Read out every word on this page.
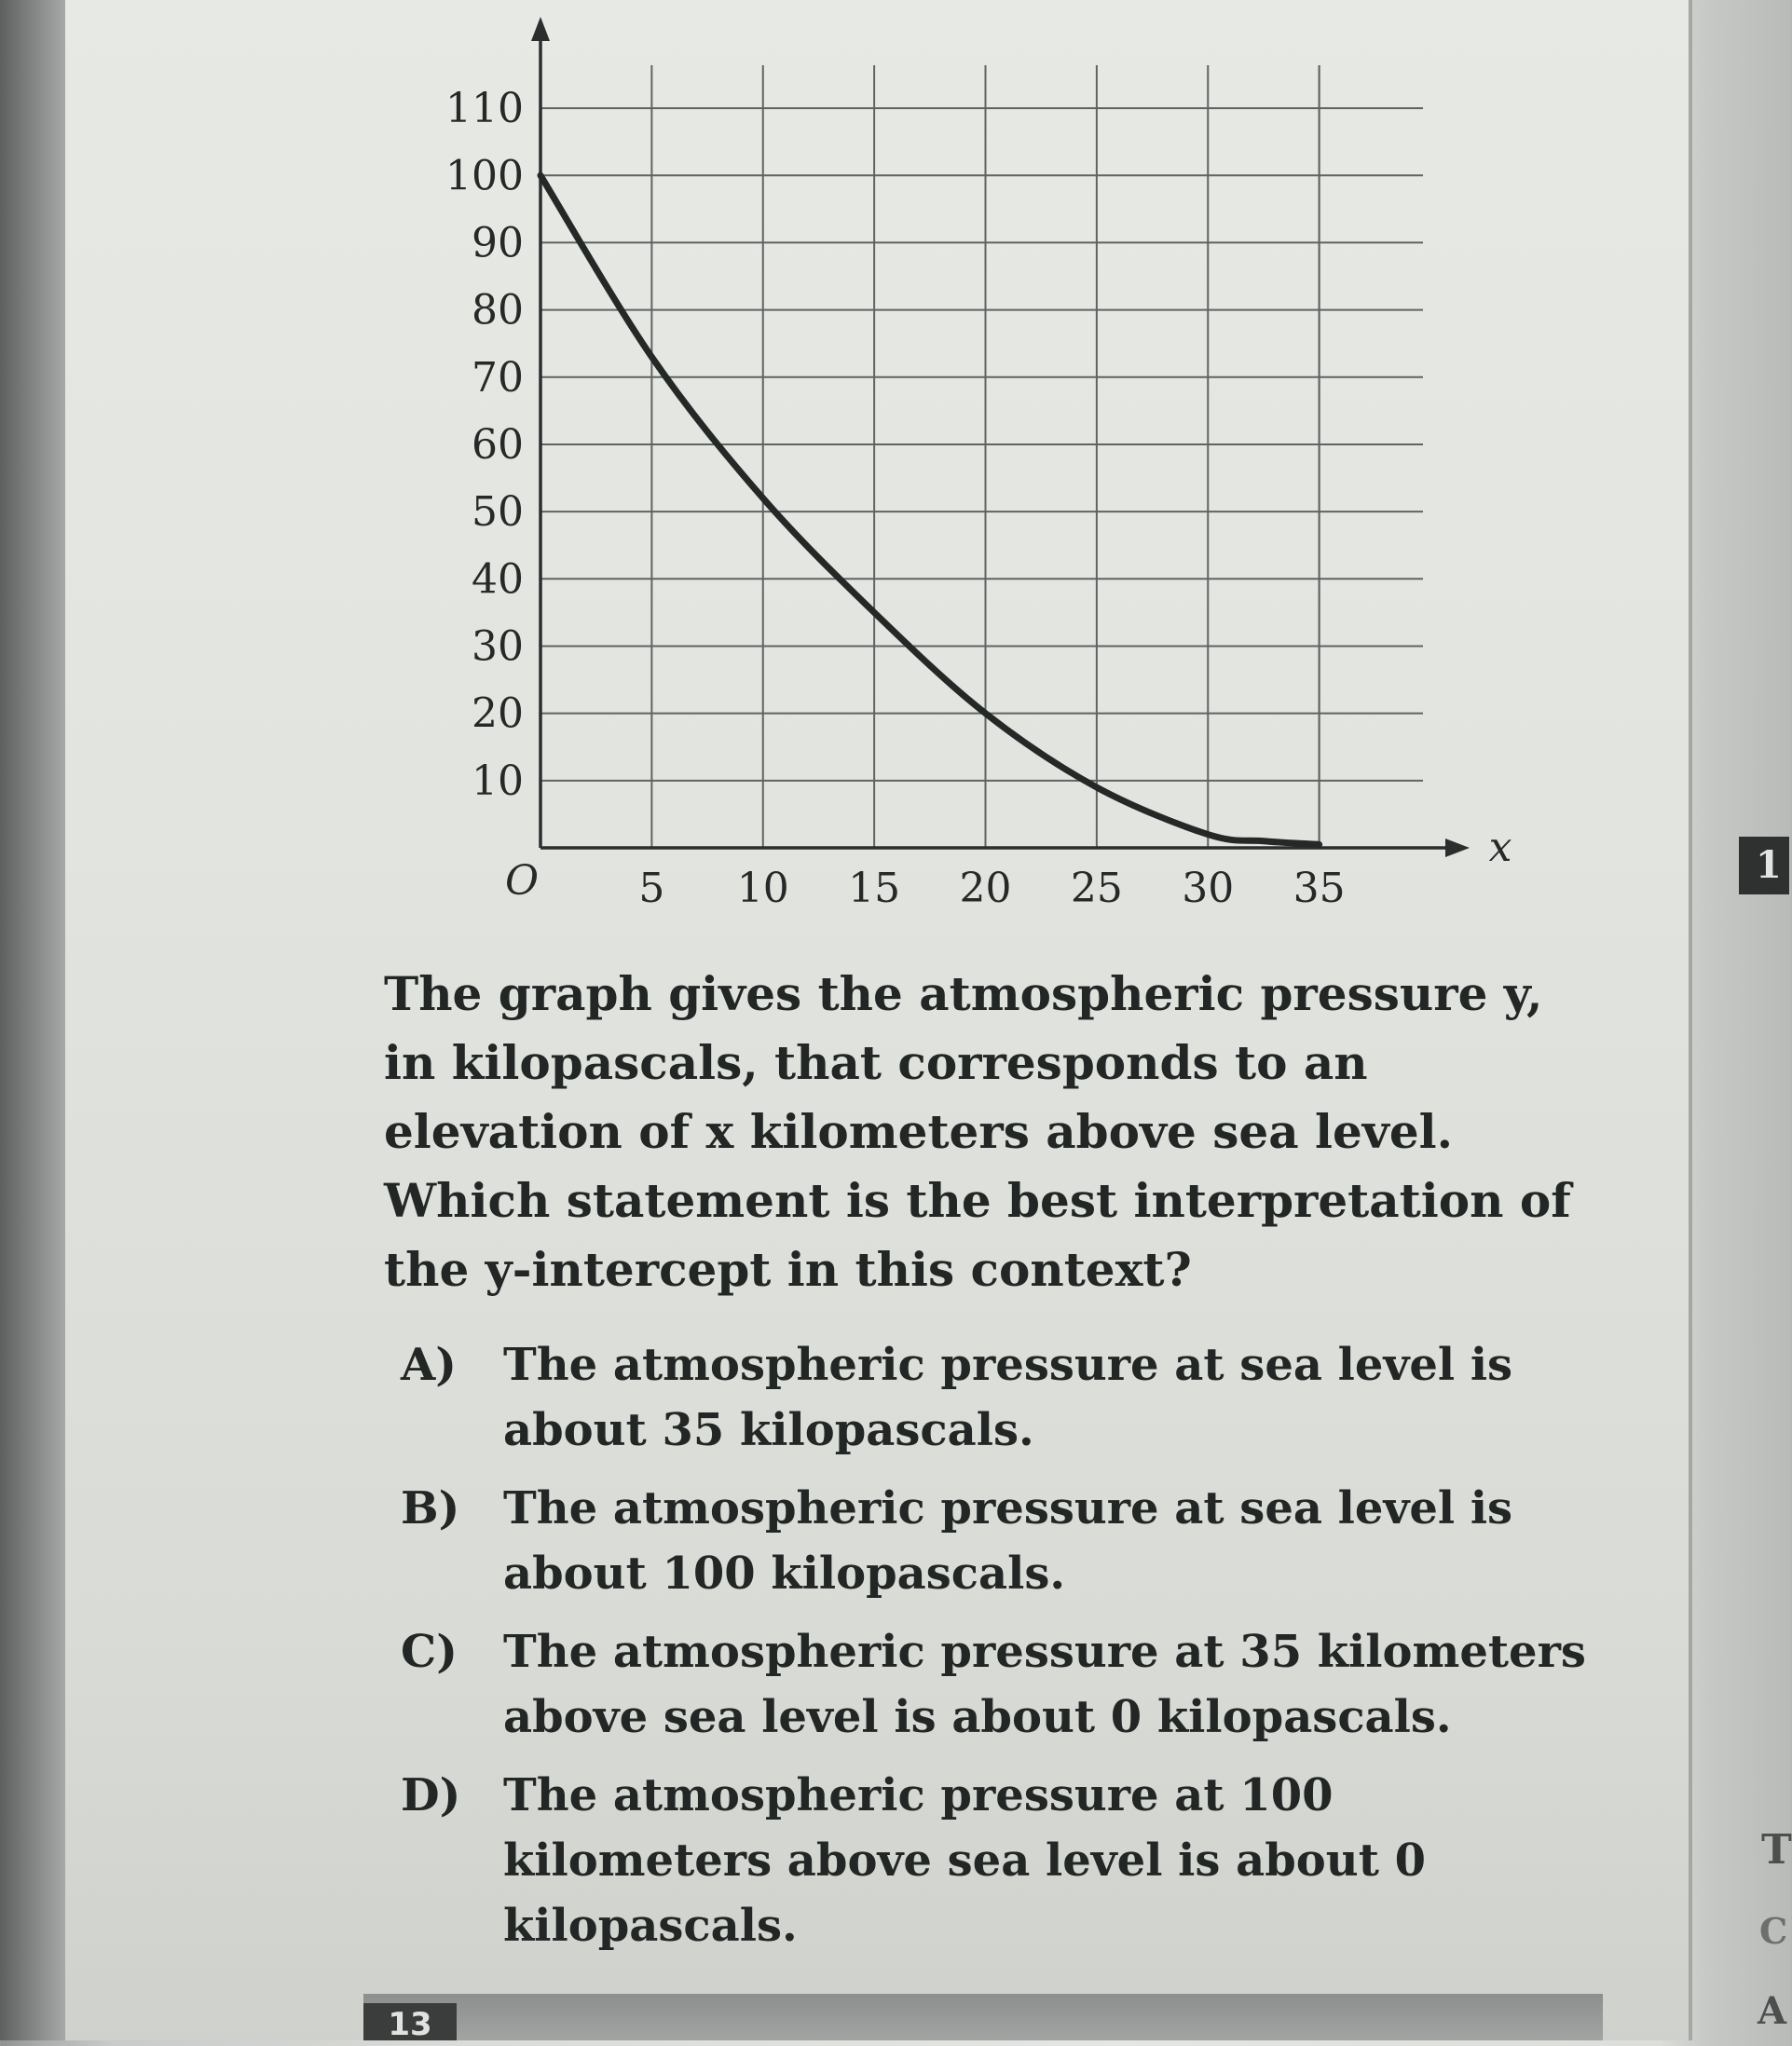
10
20
30
40
50
60
70
80
90
100
110
5 10 15 20 25 30 35
O
x

The graph gives the atmospheric pressure y, in kilopascals, that corresponds to an elevation of x kilometers above sea level. Which statement is the best interpretation of the y-intercept in this context?

A)	The atmospheric pressure at sea level is about 35 kilopascals.
B) The atmospheric pressure at sea level is about 100 kilopascals.
C)	The atmospheric pressure at 35 kilometers above sea level is about 0 kilopascals.
D) The atmospheric pressure at 100 kilometers above sea level is about 0 kilopascals.
13
1
T
C
A
